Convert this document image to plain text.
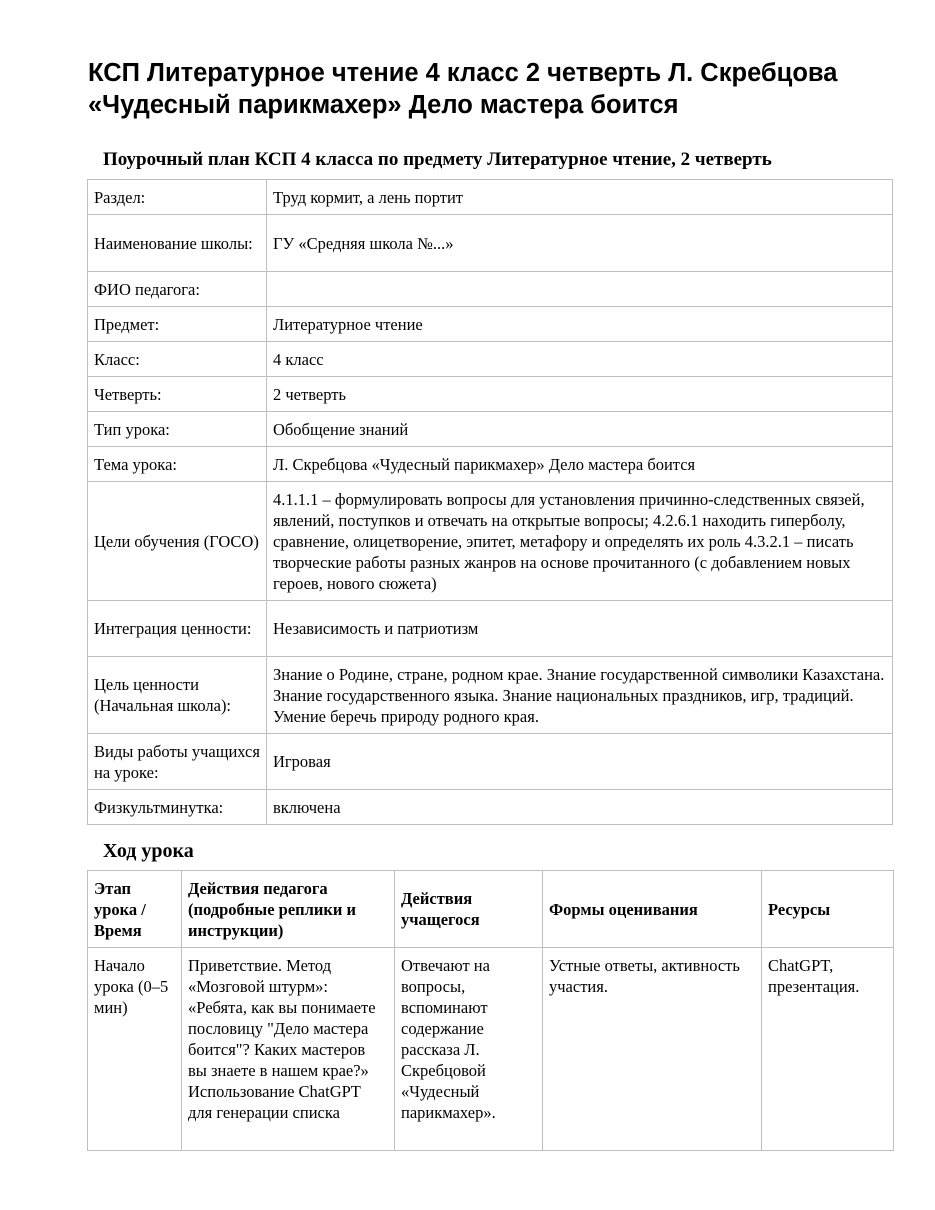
КСП Литературное чтение 4 класс 2 четверть Л. Скребцова «Чудесный парикмахер» Дело мастера боится
Поурочный план КСП 4 класса по предмету Литературное чтение, 2 четверть
Раздел:	Труд кормит, а лень портит
Наименование школы:	ГУ «Средняя школа №...»
ФИО педагога:	
Предмет:	Литературное чтение
Класс:	4 класс
Четверть:	2 четверть
Тип урока:	Обобщение знаний
Тема урока:	Л. Скребцова «Чудесный парикмахер» Дело мастера боится
Цели обучения (ГОСО)	4.1.1.1 – формулировать вопросы для установления причинно-следственных связей, явлений, поступков и отвечать на открытые вопросы; 4.2.6.1 находить гиперболу, сравнение, олицетворение, эпитет, метафору и определять их роль 4.3.2.1 – писать творческие работы разных жанров на основе прочитанного (с добавлением новых героев, нового сюжета)
Интеграция ценности:	Независимость и патриотизм
Цель ценности (Начальная школа):	Знание о Родине, стране, родном крае. Знание государственной символики Казахстана. Знание государственного языка. Знание национальных праздников, игр, традиций. Умение беречь природу родного края.
Виды работы учащихся на уроке:	Игровая
Физкультминутка:	включена
Ход урока
Этап урока / Время	Действия педагога (подробные реплики и инструкции)	Действия учащегося	Формы оценивания	Ресурсы
Начало урока (0–5 мин)	Приветствие. Метод «Мозговой штурм»: «Ребята, как вы понимаете пословицу "Дело мастера боится"? Каких мастеров вы знаете в нашем крае?» Использование ChatGPT для генерации списка	Отвечают на вопросы, вспоминают содержание рассказа Л. Скребцовой «Чудесный парикмахер».	Устные ответы, активность участия.	ChatGPT, презентация.
